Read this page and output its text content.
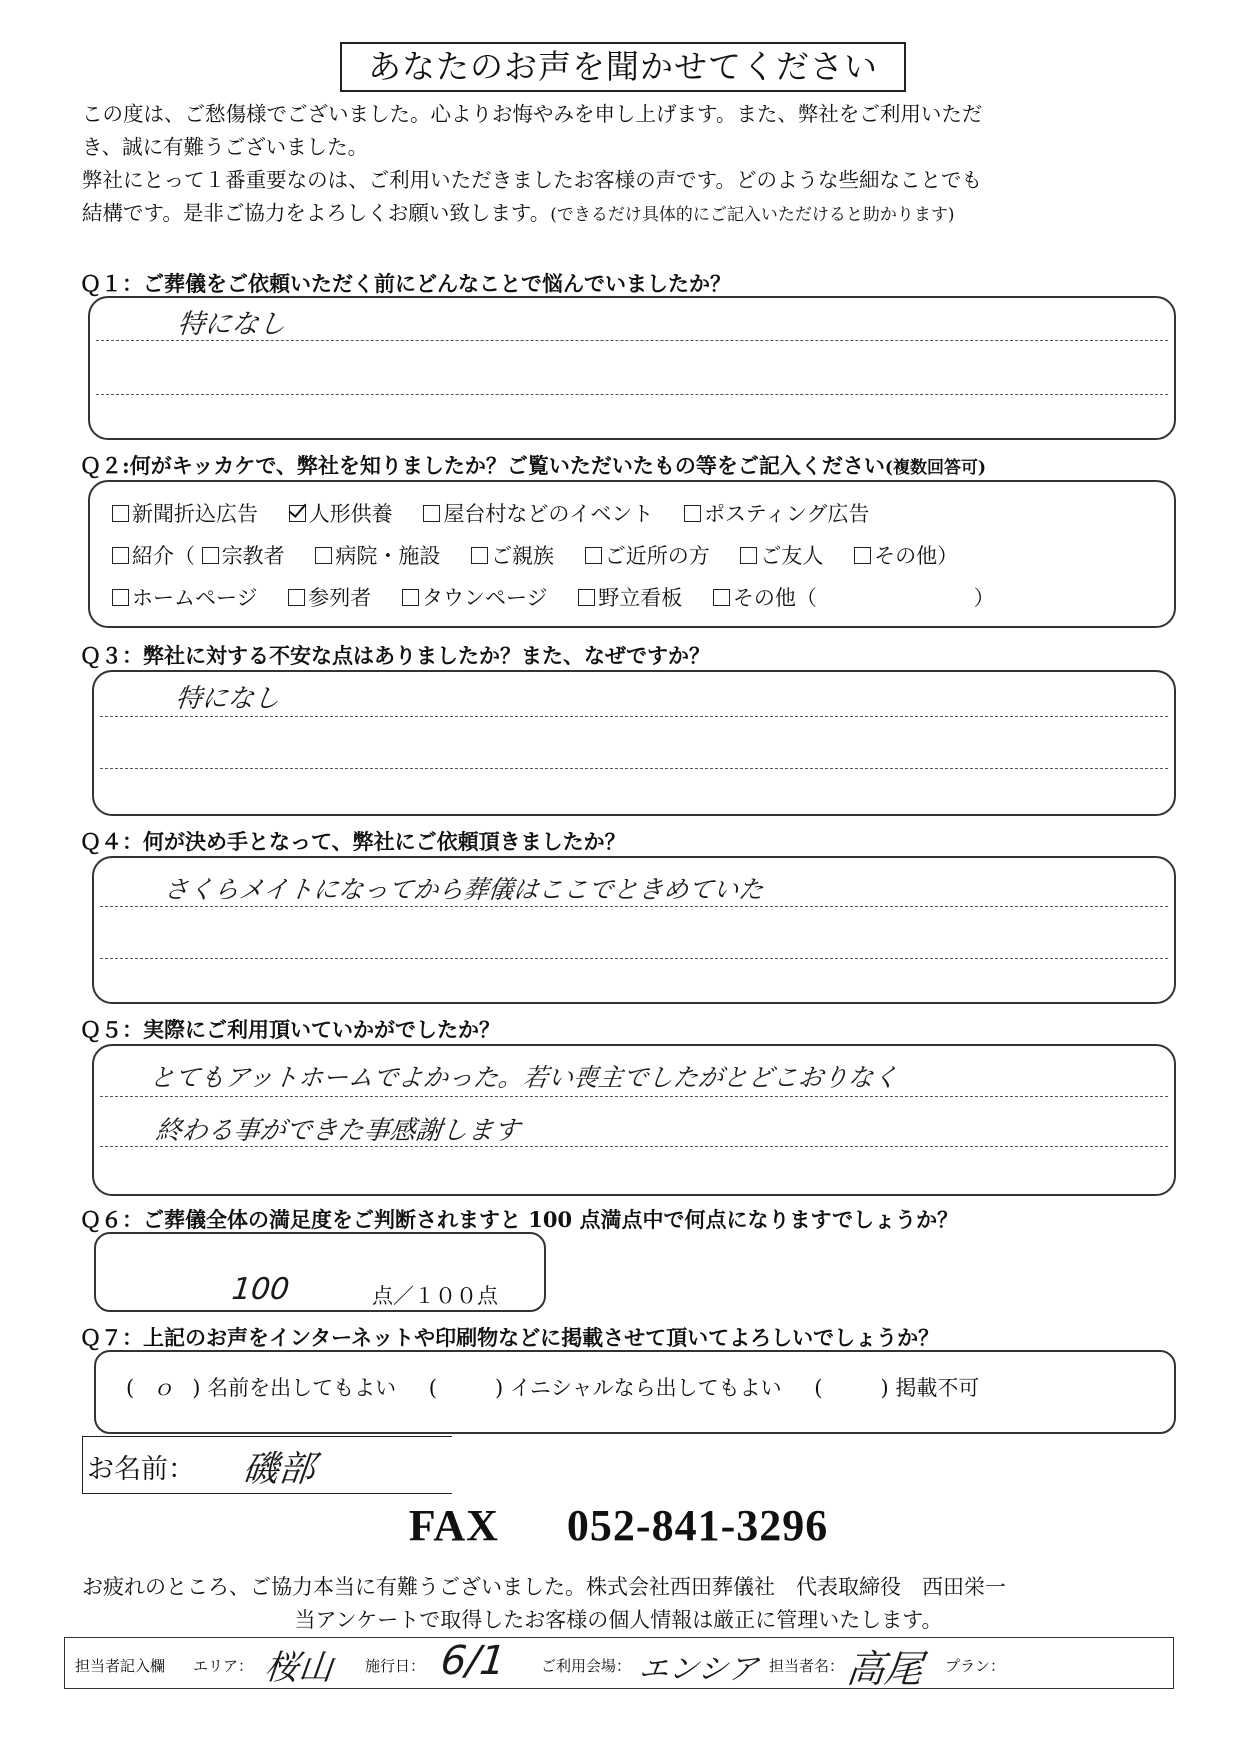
あなたのお声を聞かせてください

この度は、ご愁傷様でございました。心よりお悔やみを申し上げます。また、弊社をご利用いただ

き、誠に有難うございました。

弊社にとって１番重要なのは、ご利用いただきましたお客様の声です。どのような些細なことでも

結構です。是非ご協力をよろしくお願い致します。(できるだけ具体的にご記入いただけると助かります)

Ｑ１：ご葬儀をご依頼いただく前にどんなことで悩んでいましたか？
特になし
Ｑ２:何がキッカケで、弊社を知りましたか？ご覧いただいたもの等をご記入ください(複数回答可)
新聞折込広告 人形供養 屋台村などのイベント ポスティング広告
紹介（ 宗教者 病院・施設 ご親族 ご近所の方 ご友人 その他）
ホームページ 参列者 タウンページ 野立看板 その他（	）
Ｑ３：弊社に対する不安な点はありましたか？また、なぜですか？
特になし
Ｑ４：何が決め手となって、弊社にご依頼頂きましたか？
さくらメイトになってから葬儀はここでときめていた
Ｑ５：実際にご利用頂いていかがでしたか？
とてもアットホームでよかった。若い喪主でしたがとどこおりなく
終わる事ができた事感謝します
Ｑ６：ご葬儀全体の満足度をご判断されますと 100 点満点中で何点になりますでしょうか？
100	点／１００点
Ｑ７：上記のお声をインターネットや印刷物などに掲載させて頂いてよろしいでしょうか？
( ｏ ) 名前を出してもよい (	) イニシャルなら出してもよい (	) 掲載不可
お名前： 磯部
FAX 052-841-3296
お疲れのところ、ご協力本当に有難うございました。株式会社西田葬儀社　代表取締役　西田栄一
当アンケートで取得したお客様の個人情報は厳正に管理いたします。
担当者記入欄 エリア： 桜山 施行日： 6/1 ご利用会場： エンシア 担当者名： 高尾 プラン：
